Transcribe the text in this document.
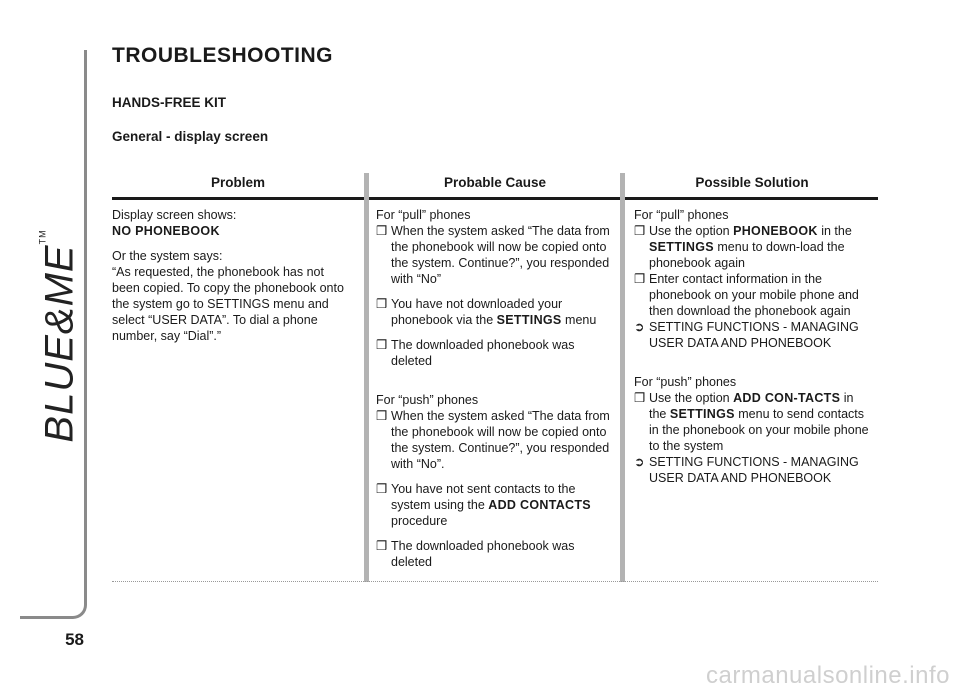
BLUE&ME™
58
TROUBLESHOOTING
HANDS-FREE KIT
General - display screen
Problem	Probable Cause	Possible Solution

Display screen shows:

NO PHONEBOOK

Or the system says:

“As requested, the phonebook has not been copied. To copy the phonebook onto the system go to SETTINGS menu and select “USER DATA”. To dial a phone number, say “Dial”.”

For “pull” phones

❒ When the system asked “The data from the phonebook will now be copied onto the system. Continue?”, you responded with “No”
❒ You have not downloaded your phonebook via the SETTINGS menu
❒ The downloaded phonebook was deleted

For “push” phones

❒ When the system asked “The data from the phonebook will now be copied onto the system. Continue?”, you responded with “No”.
❒ You have not sent contacts to the system using the ADD CONTACTS procedure
❒ The downloaded phonebook was deleted

For “pull” phones

❒ Use the option PHONEBOOK in the SETTINGS menu to down-load the phonebook again
❒ Enter contact information in the phonebook on your mobile phone and then download the phonebook again
➲ SETTING FUNCTIONS - MANAGING USER DATA AND PHONEBOOK

For “push” phones

❒ Use the option ADD CON-TACTS in the SETTINGS menu to send contacts in the phonebook on your mobile phone to the system
➲ SETTING FUNCTIONS - MANAGING USER DATA AND PHONEBOOK
carmanualsonline.info
